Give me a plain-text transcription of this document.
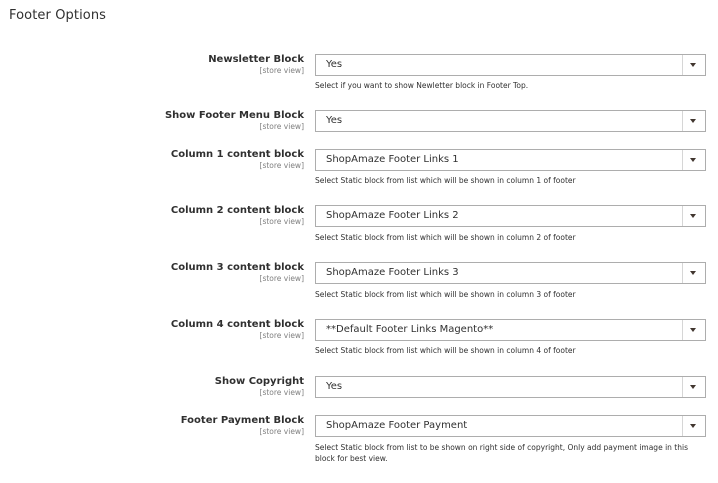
Footer Options
Newsletter Block
[store view]
Yes
Select if you want to show Newletter block in Footer Top.
Show Footer Menu Block
[store view]
Yes
Column 1 content block
[store view]
ShopAmaze Footer Links 1
Select Static block from list which will be shown in column 1 of footer
Column 2 content block
[store view]
ShopAmaze Footer Links 2
Select Static block from list which will be shown in column 2 of footer
Column 3 content block
[store view]
ShopAmaze Footer Links 3
Select Static block from list which will be shown in column 3 of footer
Column 4 content block
[store view]
**Default Footer Links Magento**
Select Static block from list which will be shown in column 4 of footer
Show Copyright
[store view]
Yes
Footer Payment Block
[store view]
ShopAmaze Footer Payment
Select Static block from list to be shown on right side of copyright, Only add payment image in this block for best view.
